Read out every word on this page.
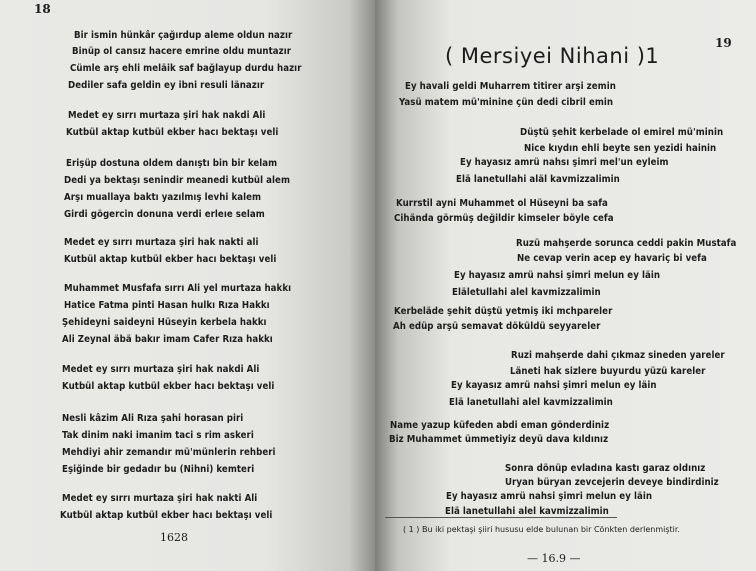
18
Bir ismin hünkâr çağırdup aleme oldun nazır
Binüp ol cansız hacere emrine oldu muntazır
Cümle arş ehli meläik saf bağlayup durdu hazır
Dediler safa geldin ey ibni resuli länazır
Medet ey sırrı murtaza şiri hak nakdi Ali
Kutbül aktap kutbül ekber hacı bektaşı veli
Erişüp dostuna oldem danıştı bin bir kelam
Dedi ya bektaşı senindir meanedi kutbül alem
Arşı muallaya baktı yazılmış levhi kalem
Girdi gögercin donuna verdi erleıe selam
Medet ey sırrı murtaza şiri hak nakti ali
Kutbül aktap kutbül ekber hacı bektaşı veli
Muhammet Musfafa sırrı Ali yel murtaza hakkı
Hatice Fatma pinti Hasan hulkı Rıza Hakkı
Şehideyni saideyni Hüseyin kerbela hakkı
Ali Zeynal äbä bakır imam Cafer Rıza hakkı
Medet ey sırrı murtaza şiri hak nakdi Ali
Kutbül aktap kutbül ekber hacı bektaşı veli
Nesli kâzim Ali Rıza şahi horasan piri
Tak dinim naki imanim taci s rim askeri
Mehdiyi ahir zemandır mü'münlerin rehberi
Eşiğinde bir gedadır bu (Nihni) kemteri
Medet ey sırrı murtaza şiri hak nakti Ali
Kutbül aktap kutbül ekber hacı bektaşı veli
1628
19
( Mersiyei Nihani )1
Ey havali geldi Muharrem titirer arşi zemin
Yasü matem mü'minine çün dedi cibril emin
Düştü şehit kerbelade ol emirel mü'minin
Nice kıydın ehli beyte sen yezidi hainin
Ey hayasız amrü nahsı şimri mel'un eyleim
Elä lanetullahi aläl kavmizzalimin
Kurrstil ayni Muhammet ol Hüseyni ba safa
Cihända görmüş değildir kimseler böyle cefa
Ruzü mahşerde sorunca ceddi pakin Mustafa
Ne cevap verin acep ey havariç bi vefa
Ey hayasız amrü nahsi şimri melun ey läin
Eläletullahi alel kavmizzalimin
Kerbeläde şehit düştü yetmiş iki mchpareler
Ah edüp arşü semavat döküldü seyyareler
Ruzi mahşerde dahi çıkmaz sineden yareler
Läneti hak sizlere buyurdu yüzü kareler
Ey kayasız amrü nahsi şimri melun ey läin
Elä lanetullahi alel kavmizzalimin
Name yazup küfeden abdi eman gönderdiniz
Biz Muhammet ümmetiyiz deyü dava kıldınız
Sonra dönüp evladına kastı garaz oldınız
Uryan büryan zevcejerin deveye bindirdiniz
Ey hayasız amrü nahsi şimri melun ey läin
Elä lanetullahi alel kavmizzalimin
( 1 ) Bu iki pektaşi şiiri hususu elde bulunan bir Cönkten derlenmiştir.
— 16.9 —
